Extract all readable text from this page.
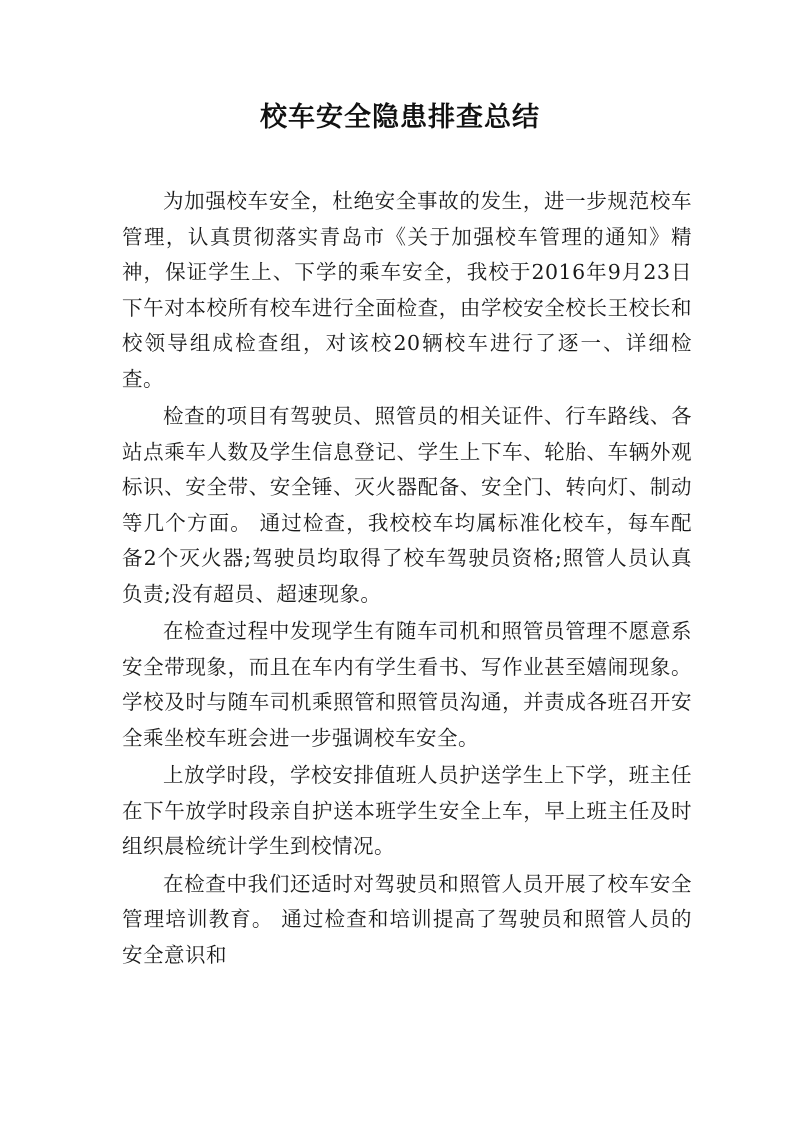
校车安全隐患排查总结

为加强校车安全，杜绝安全事故的发生，进一步规范校车管理，认真贯彻落实青岛市《关于加强校车管理的通知》精神，保证学生上、下学的乘车安全，我校于2016年9月23日下午对本校所有校车进行全面检查，由学校安全校长王校长和校领导组成检查组，对该校20辆校车进行了逐一、详细检查。

检查的项目有驾驶员、照管员的相关证件、行车路线、各站点乘车人数及学生信息登记、学生上下车、轮胎、车辆外观标识、安全带、安全锤、灭火器配备、安全门、转向灯、制动等几个方面。 通过检查，我校校车均属标准化校车，每车配备2个灭火器;驾驶员均取得了校车驾驶员资格;照管人员认真负责;没有超员、超速现象。

在检查过程中发现学生有随车司机和照管员管理不愿意系安全带现象，而且在车内有学生看书、写作业甚至嬉闹现象。学校及时与随车司机乘照管和照管员沟通，并责成各班召开安全乘坐校车班会进一步强调校车安全。

上放学时段，学校安排值班人员护送学生上下学，班主任在下午放学时段亲自护送本班学生安全上车，早上班主任及时组织晨检统计学生到校情况。

在检查中我们还适时对驾驶员和照管人员开展了校车安全管理培训教育。 通过检查和培训提高了驾驶员和照管人员的安全意识和
